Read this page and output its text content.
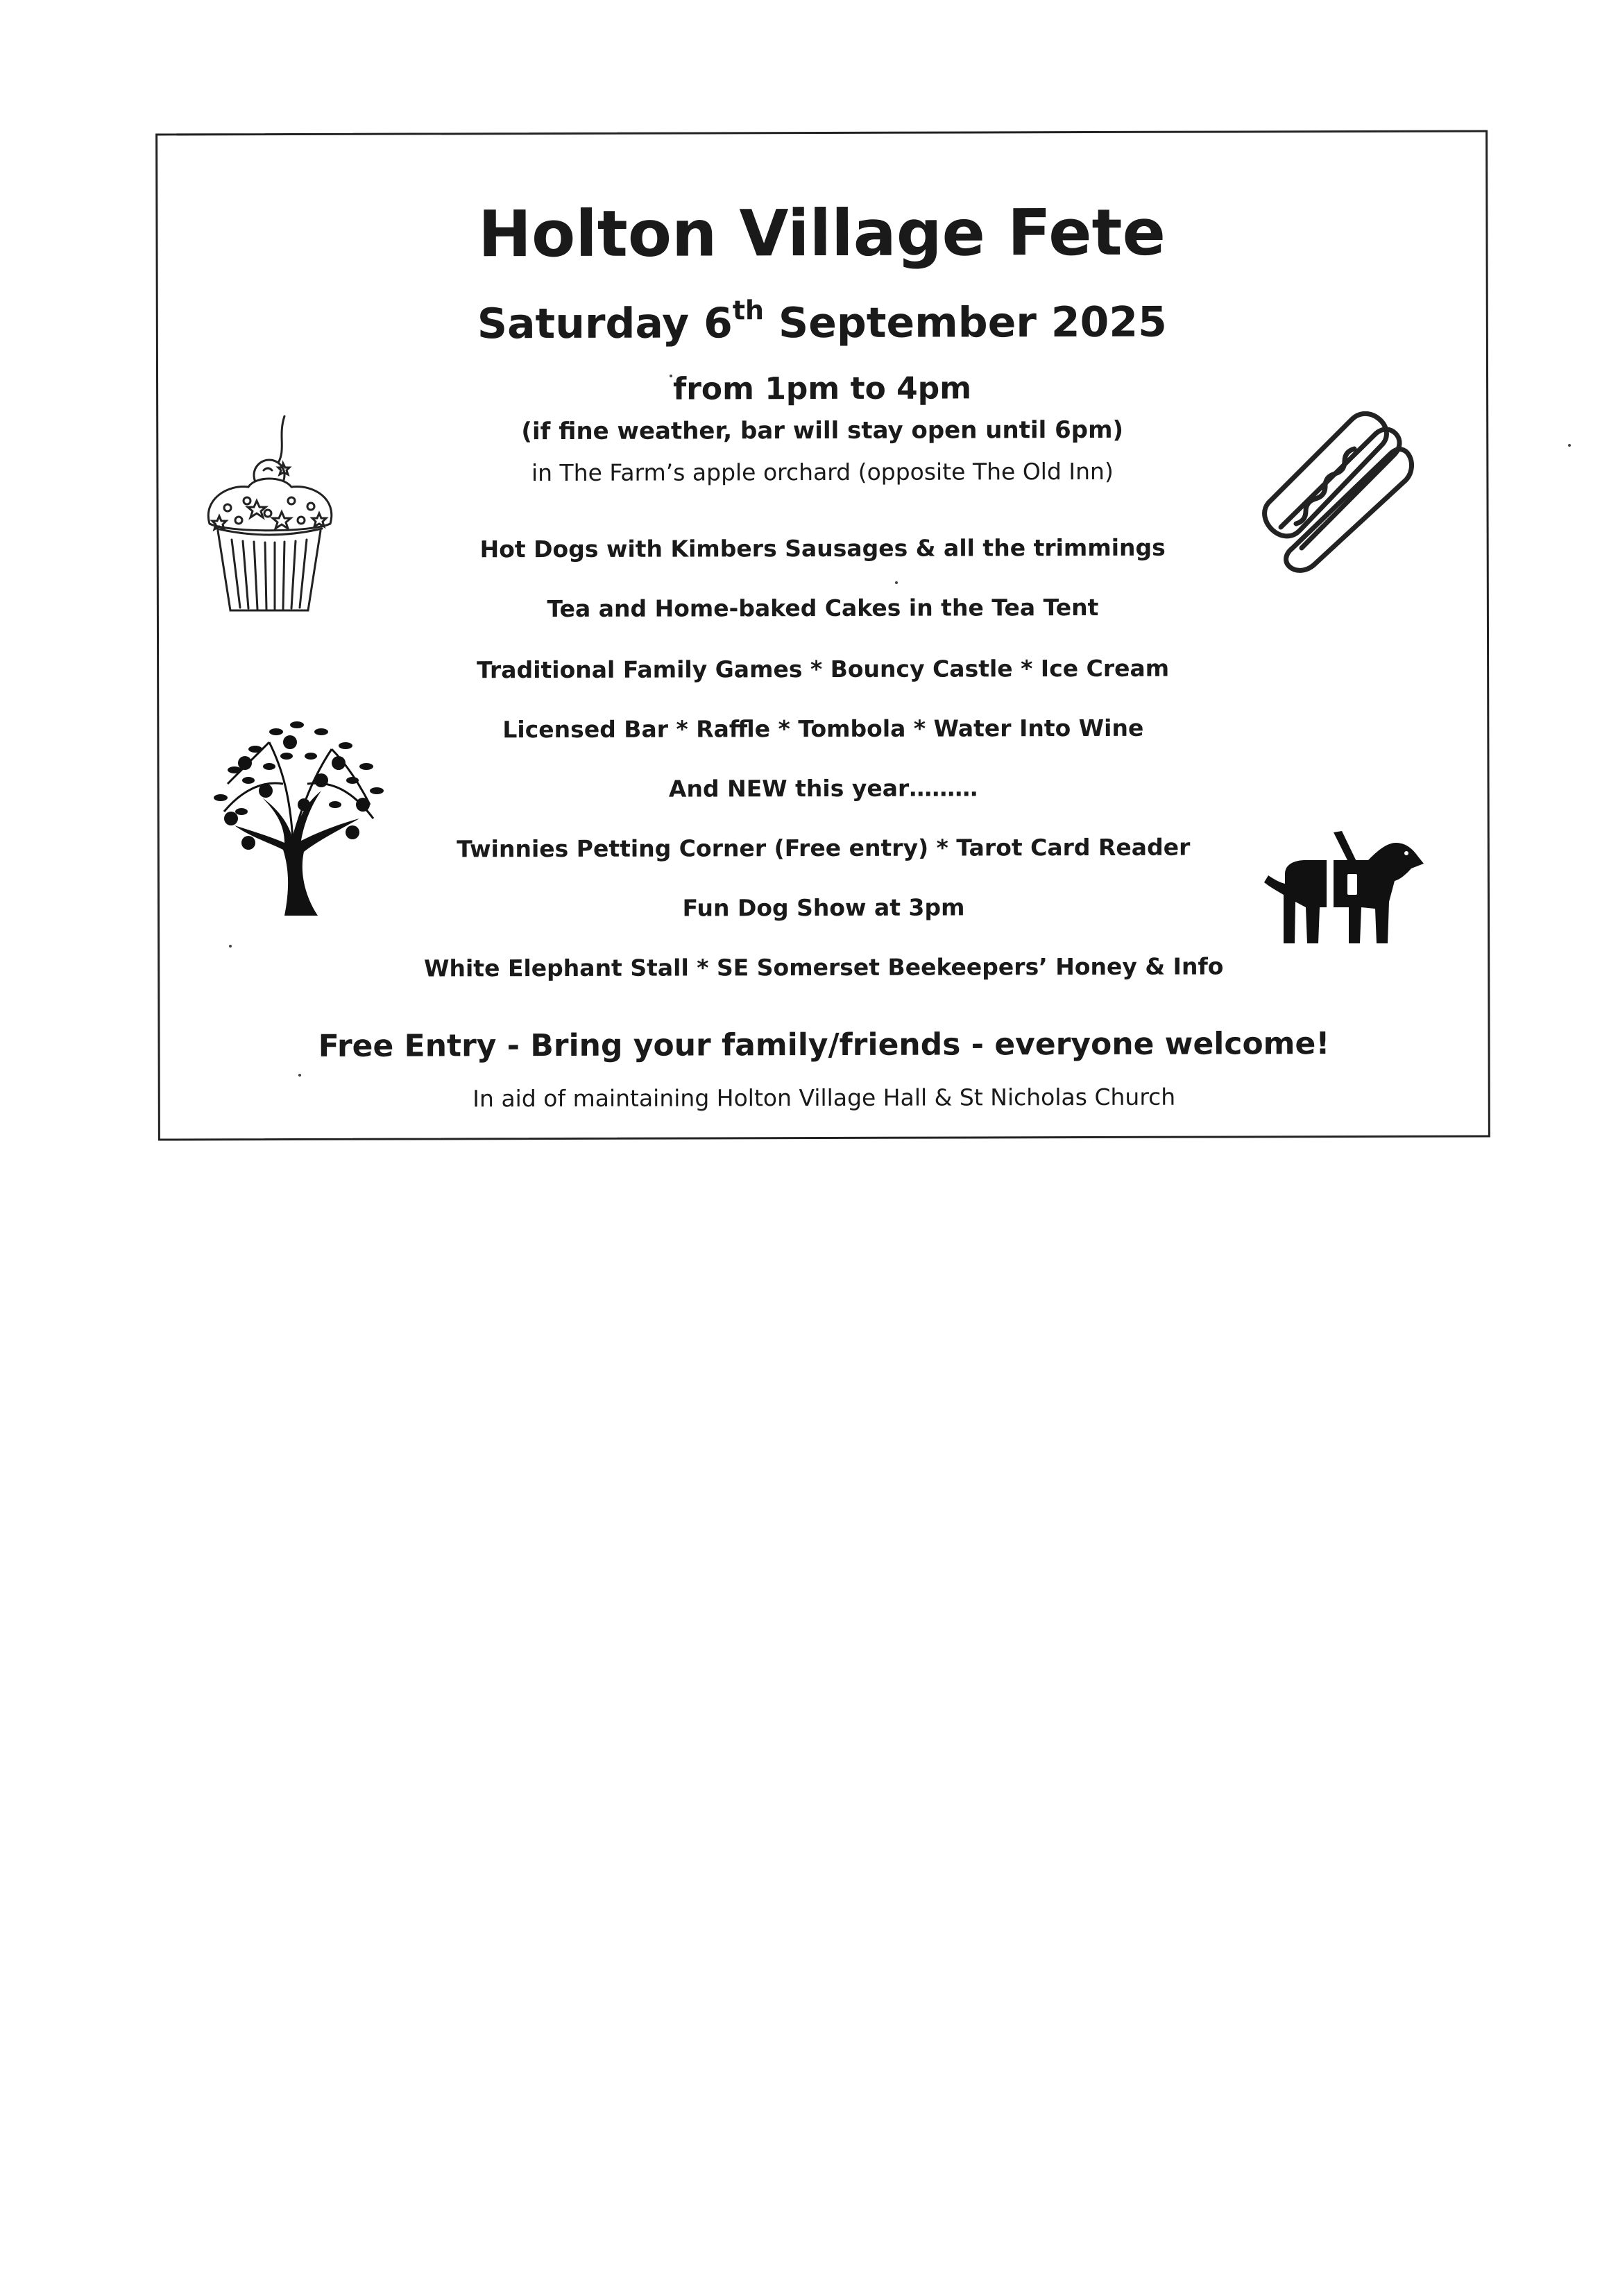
Holton Village Fete
Saturday 6th September 2025
from 1pm to 4pm
(if fine weather, bar will stay open until 6pm)
in The Farm’s apple orchard (opposite The Old Inn)
Hot Dogs with Kimbers Sausages & all the trimmings
Tea and Home-baked Cakes in the Tea Tent
Traditional Family Games * Bouncy Castle * Ice Cream
Licensed Bar * Raffle * Tombola * Water Into Wine
And NEW this year………
Twinnies Petting Corner (Free entry) * Tarot Card Reader
Fun Dog Show at 3pm
White Elephant Stall * SE Somerset Beekeepers’ Honey & Info
Free Entry - Bring your family/friends - everyone welcome!
In aid of maintaining Holton Village Hall & St Nicholas Church
